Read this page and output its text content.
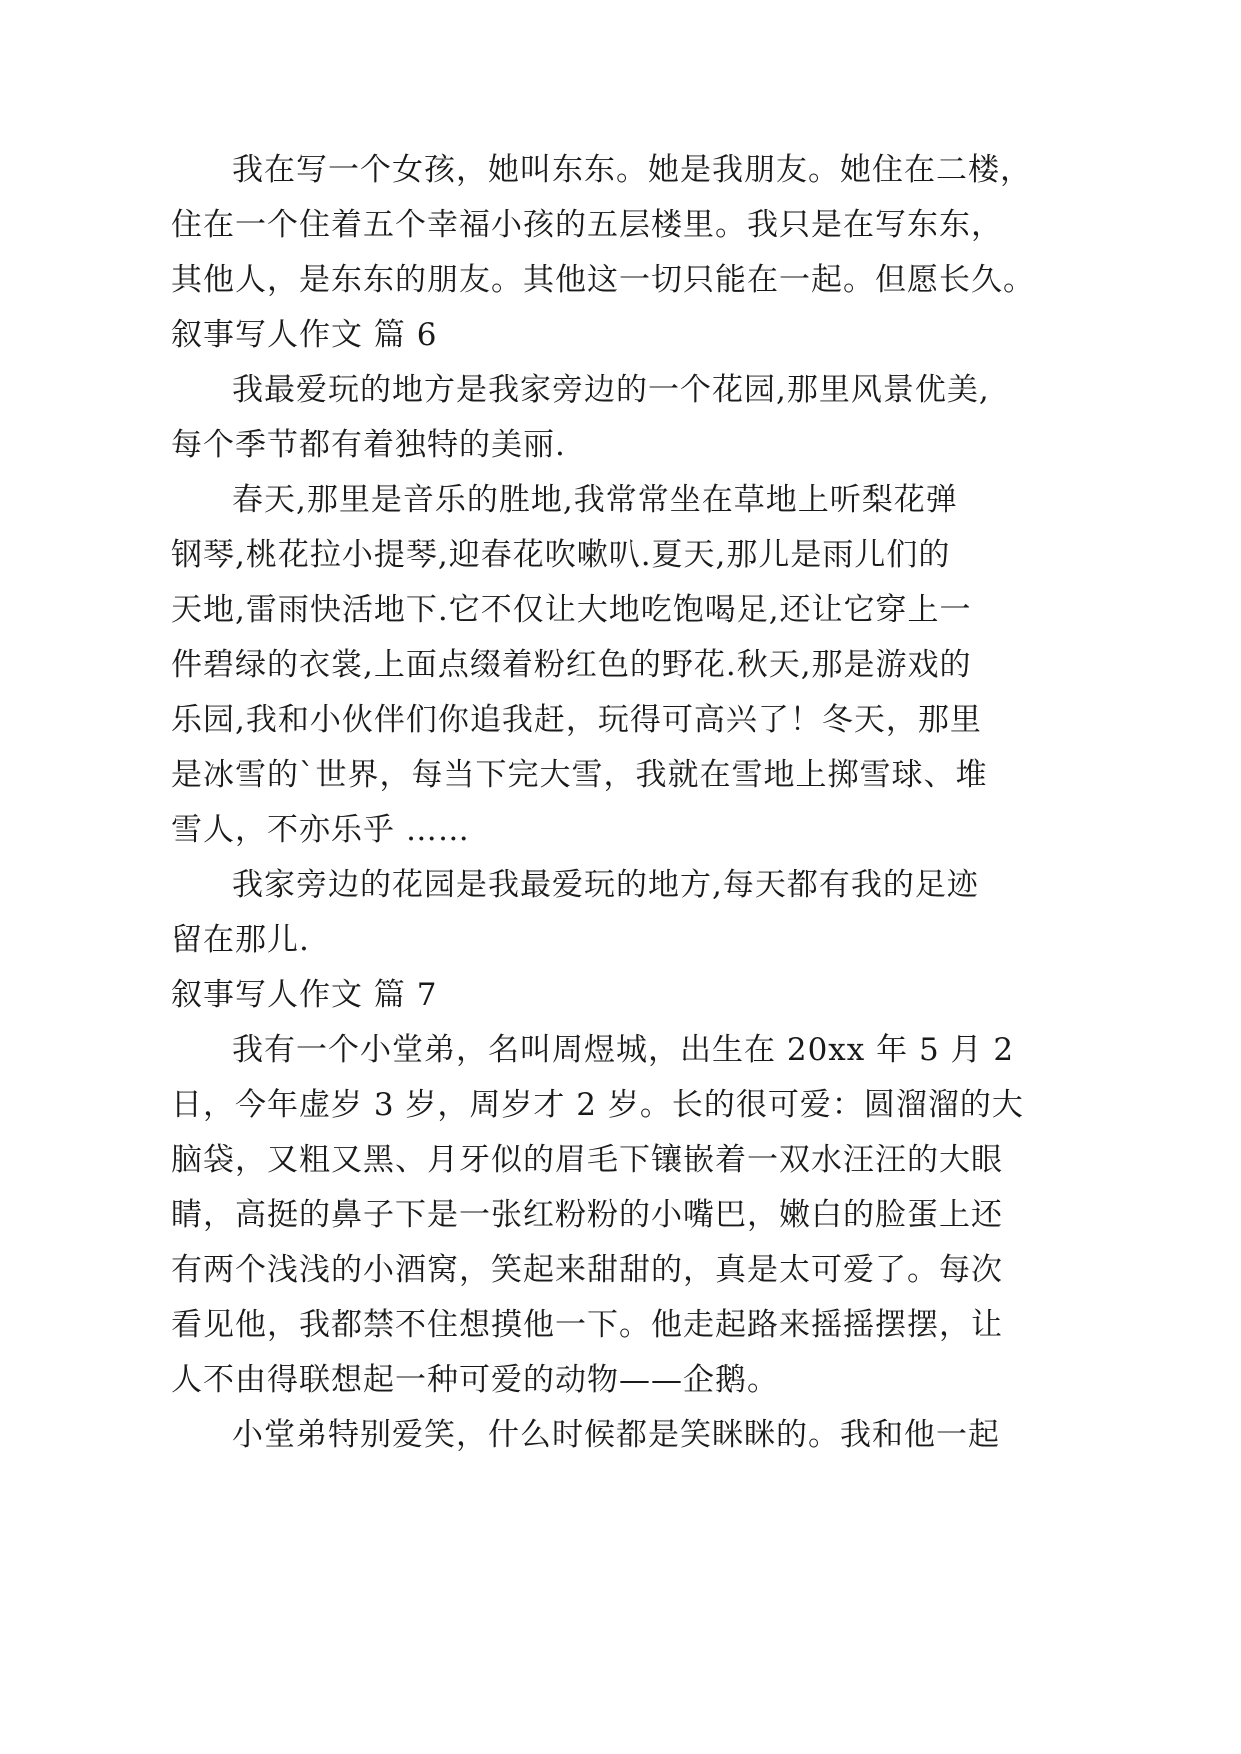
我在写一个女孩，她叫东东。她是我朋友。她住在二楼，

住在一个住着五个幸福小孩的五层楼里。我只是在写东东，

其他人，是东东的朋友。其他这一切只能在一起。但愿长久。

叙事写人作文 篇 6

我最爱玩的地方是我家旁边的一个花园,那里风景优美,

每个季节都有着独特的美丽.

春天,那里是音乐的胜地,我常常坐在草地上听梨花弹

钢琴,桃花拉小提琴,迎春花吹嗽叭.夏天,那儿是雨儿们的

天地,雷雨快活地下.它不仅让大地吃饱喝足,还让它穿上一

件碧绿的衣裳,上面点缀着粉红色的野花.秋天,那是游戏的

乐园,我和小伙伴们你追我赶，玩得可高兴了！冬天，那里

是冰雪的`世界，每当下完大雪，我就在雪地上掷雪球、堆

雪人，不亦乐乎 ……

我家旁边的花园是我最爱玩的地方,每天都有我的足迹

留在那儿.

叙事写人作文 篇 7

我有一个小堂弟，名叫周煜城，出生在 20xx 年 5 月 2

日，今年虚岁 3 岁，周岁才 2 岁。长的很可爱：圆溜溜的大

脑袋，又粗又黑、月牙似的眉毛下镶嵌着一双水汪汪的大眼

睛，高挺的鼻子下是一张红粉粉的小嘴巴，嫩白的脸蛋上还

有两个浅浅的小酒窝，笑起来甜甜的，真是太可爱了。每次

看见他，我都禁不住想摸他一下。他走起路来摇摇摆摆，让

人不由得联想起一种可爱的动物——企鹅。

小堂弟特别爱笑，什么时候都是笑眯眯的。我和他一起
